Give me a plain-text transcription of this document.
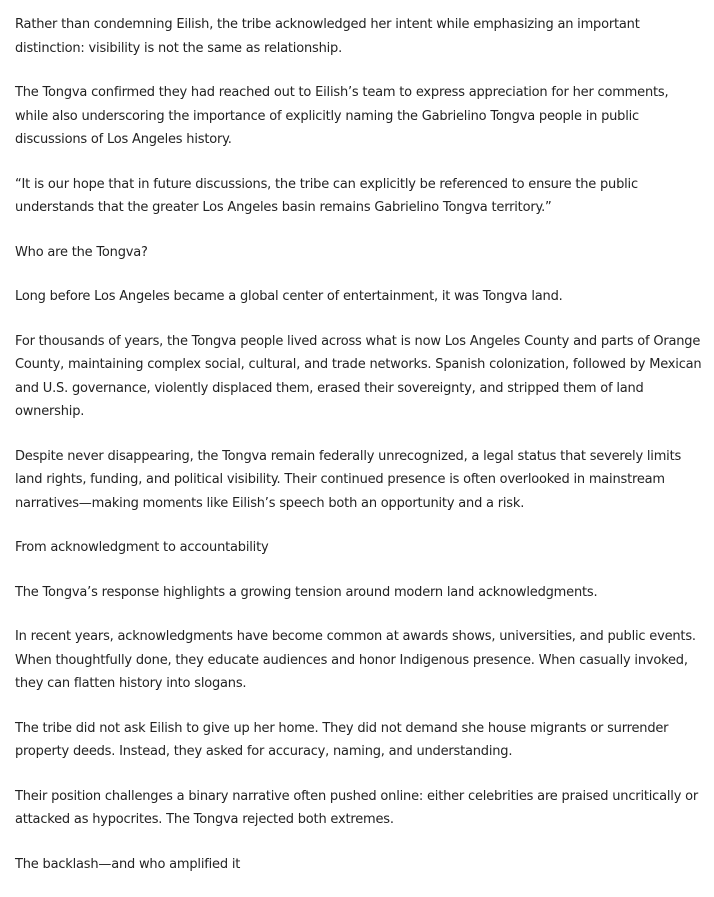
Rather than condemning Eilish, the tribe acknowledged her intent while emphasizing an important distinction: visibility is not the same as relationship.

The Tongva confirmed they had reached out to Eilish’s team to express appreciation for her comments, while also underscoring the importance of explicitly naming the Gabrielino Tongva people in public discussions of Los Angeles history.

“It is our hope that in future discussions, the tribe can explicitly be referenced to ensure the public understands that the greater Los Angeles basin remains Gabrielino Tongva territory.”

Who are the Tongva?

Long before Los Angeles became a global center of entertainment, it was Tongva land.

For thousands of years, the Tongva people lived across what is now Los Angeles County and parts of Orange County, maintaining complex social, cultural, and trade networks. Spanish colonization, followed by Mexican and U.S. governance, violently displaced them, erased their sovereignty, and stripped them of land ownership.

Despite never disappearing, the Tongva remain federally unrecognized, a legal status that severely limits land rights, funding, and political visibility. Their continued presence is often overlooked in mainstream narratives—making moments like Eilish’s speech both an opportunity and a risk.

From acknowledgment to accountability

The Tongva’s response highlights a growing tension around modern land acknowledgments.

In recent years, acknowledgments have become common at awards shows, universities, and public events. When thoughtfully done, they educate audiences and honor Indigenous presence. When casually invoked, they can flatten history into slogans.

The tribe did not ask Eilish to give up her home. They did not demand she house migrants or surrender property deeds. Instead, they asked for accuracy, naming, and understanding.

Their position challenges a binary narrative often pushed online: either celebrities are praised uncritically or attacked as hypocrites. The Tongva rejected both extremes.

The backlash—and who amplified it
